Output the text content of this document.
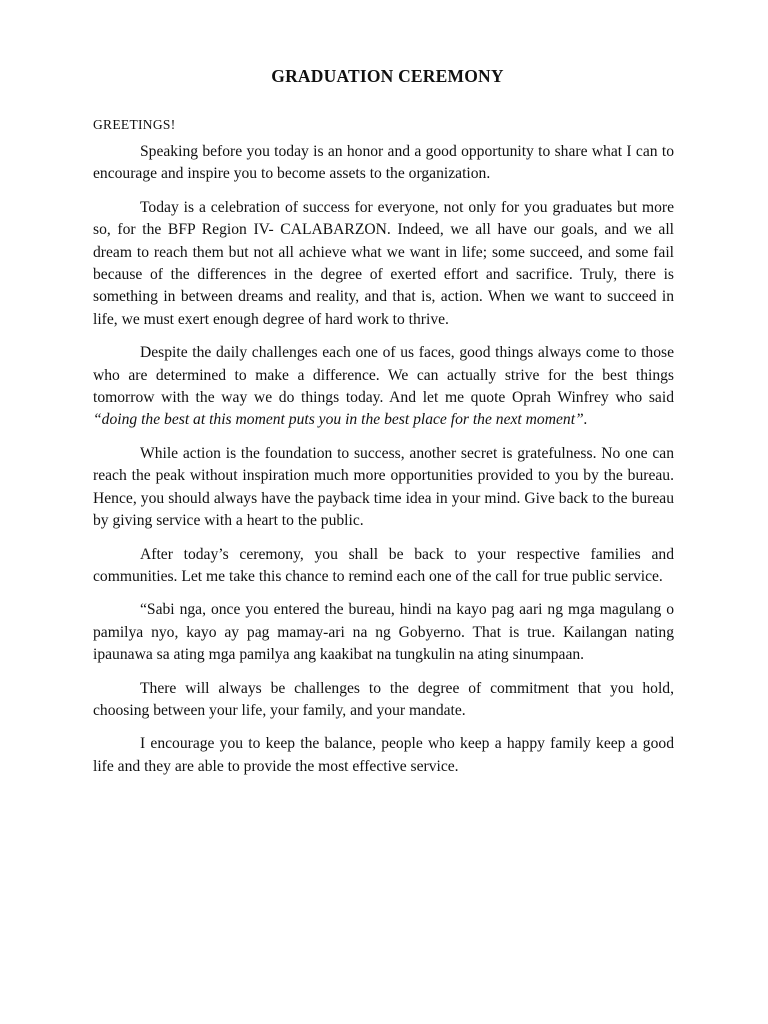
GRADUATION CEREMONY

GREETINGS!

Speaking before you today is an honor and a good opportunity to share what I can to encourage and inspire you to become assets to the organization.

Today is a celebration of success for everyone, not only for you graduates but more so, for the BFP Region IV- CALABARZON. Indeed, we all have our goals, and we all dream to reach them but not all achieve what we want in life; some succeed, and some fail because of the differences in the degree of exerted effort and sacrifice. Truly, there is something in between dreams and reality, and that is, action. When we want to succeed in life, we must exert enough degree of hard work to thrive.

Despite the daily challenges each one of us faces, good things always come to those who are determined to make a difference. We can actually strive for the best things tomorrow with the way we do things today. And let me quote Oprah Winfrey who said “doing the best at this moment puts you in the best place for the next moment”.

While action is the foundation to success, another secret is gratefulness. No one can reach the peak without inspiration much more opportunities provided to you by the bureau. Hence, you should always have the payback time idea in your mind. Give back to the bureau by giving service with a heart to the public.

After today’s ceremony, you shall be back to your respective families and communities. Let me take this chance to remind each one of the call for true public service.

“Sabi nga, once you entered the bureau, hindi na kayo pag aari ng mga magulang o pamilya nyo, kayo ay pag mamay-ari na ng Gobyerno. That is true. Kailangan nating ipaunawa sa ating mga pamilya ang kaakibat na tungkulin na ating sinumpaan.

There will always be challenges to the degree of commitment that you hold, choosing between your life, your family, and your mandate.

I encourage you to keep the balance, people who keep a happy family keep a good life and they are able to provide the most effective service.
